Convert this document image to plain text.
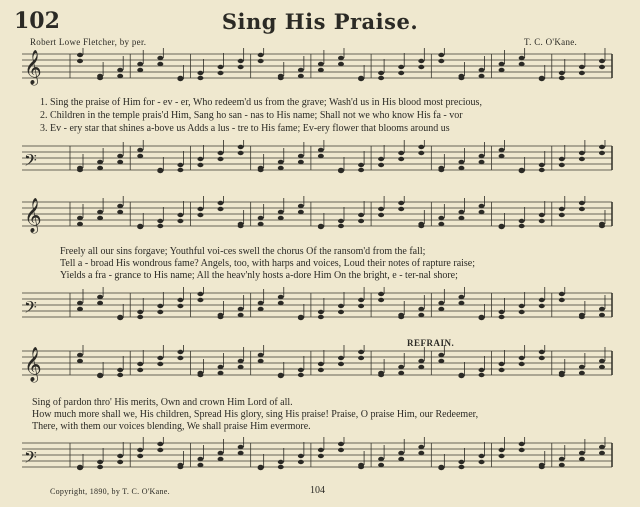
102	Sing His Praise.
Robert Lowe Fletcher, by per.	T. C. O'Kane.
𝄞
𝄢
1. Sing the praise of Him for - ev - er, Who redeem'd us from the grave; Wash'd us in His blood most precious,
2. Children in the temple prais'd Him, Sang ho san - nas to His name; Shall not we who know His fa - vor
3. Ev - ery star that shines a-bove us Adds a lus - tre to His fame; Ev-ery flower that blooms around us
𝄞
𝄢
Freely all our sins forgave; Youthful voi-ces swell the chorus Of the ransom'd from the fall;
Tell a - broad His wondrous fame? Angels, too, with harps and voices, Loud their notes of rapture raise;
Yields a fra - grance to His name; All the heav'nly hosts a-dore Him On the bright, e - ter-nal shore;
REFRAIN.
𝄞
𝄢
Sing of pardon thro' His merits, Own and crown Him Lord of all.
How much more shall we, His children, Spread His glory, sing His praise! Praise, O praise Him, our Redeemer,
There, with them our voices blending, We shall praise Him evermore.
Copyright, 1890, by T. C. O'Kane.	104
